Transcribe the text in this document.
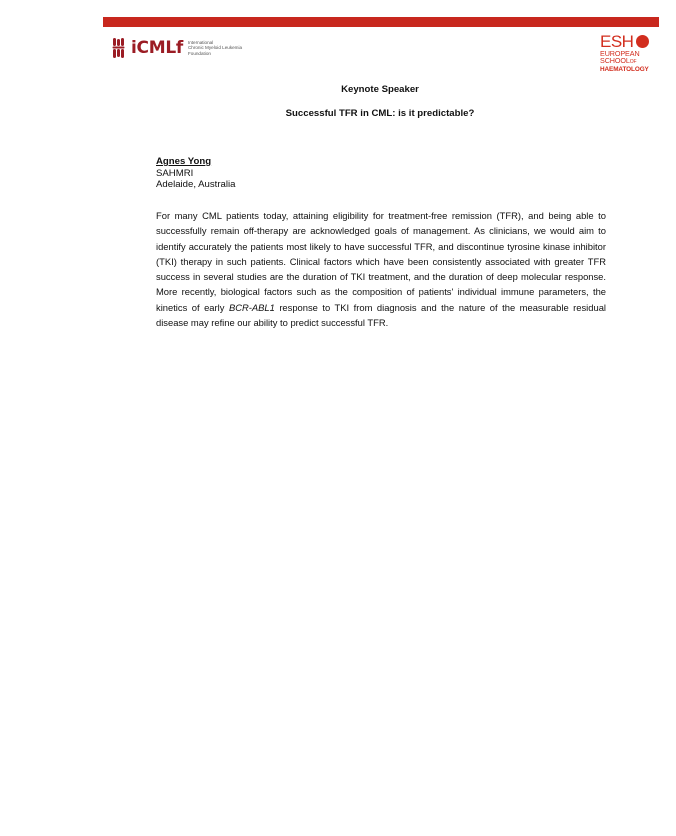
iCMLf International
Chronic Myeloid Leukemia
Foundation
ESH
EUROPEAN
SCHOOLOF
HAEMATOLOGY
Keynote Speaker
Successful TFR in CML: is it predictable?
Agnes Yong
SAHMRI
Adelaide, Australia
For many CML patients today, attaining eligibility for treatment-free remission (TFR), and being able to successfully remain off-therapy are acknowledged goals of management. As clinicians, we would aim to identify accurately the patients most likely to have successful TFR, and discontinue tyrosine kinase inhibitor (TKI) therapy in such patients. Clinical factors which have been consistently associated with greater TFR success in several studies are the duration of TKI treatment, and the duration of deep molecular response. More recently, biological factors such as the composition of patients' individual immune parameters, the kinetics of early BCR-ABL1 response to TKI from diagnosis and the nature of the measurable residual disease may refine our ability to predict successful TFR.
